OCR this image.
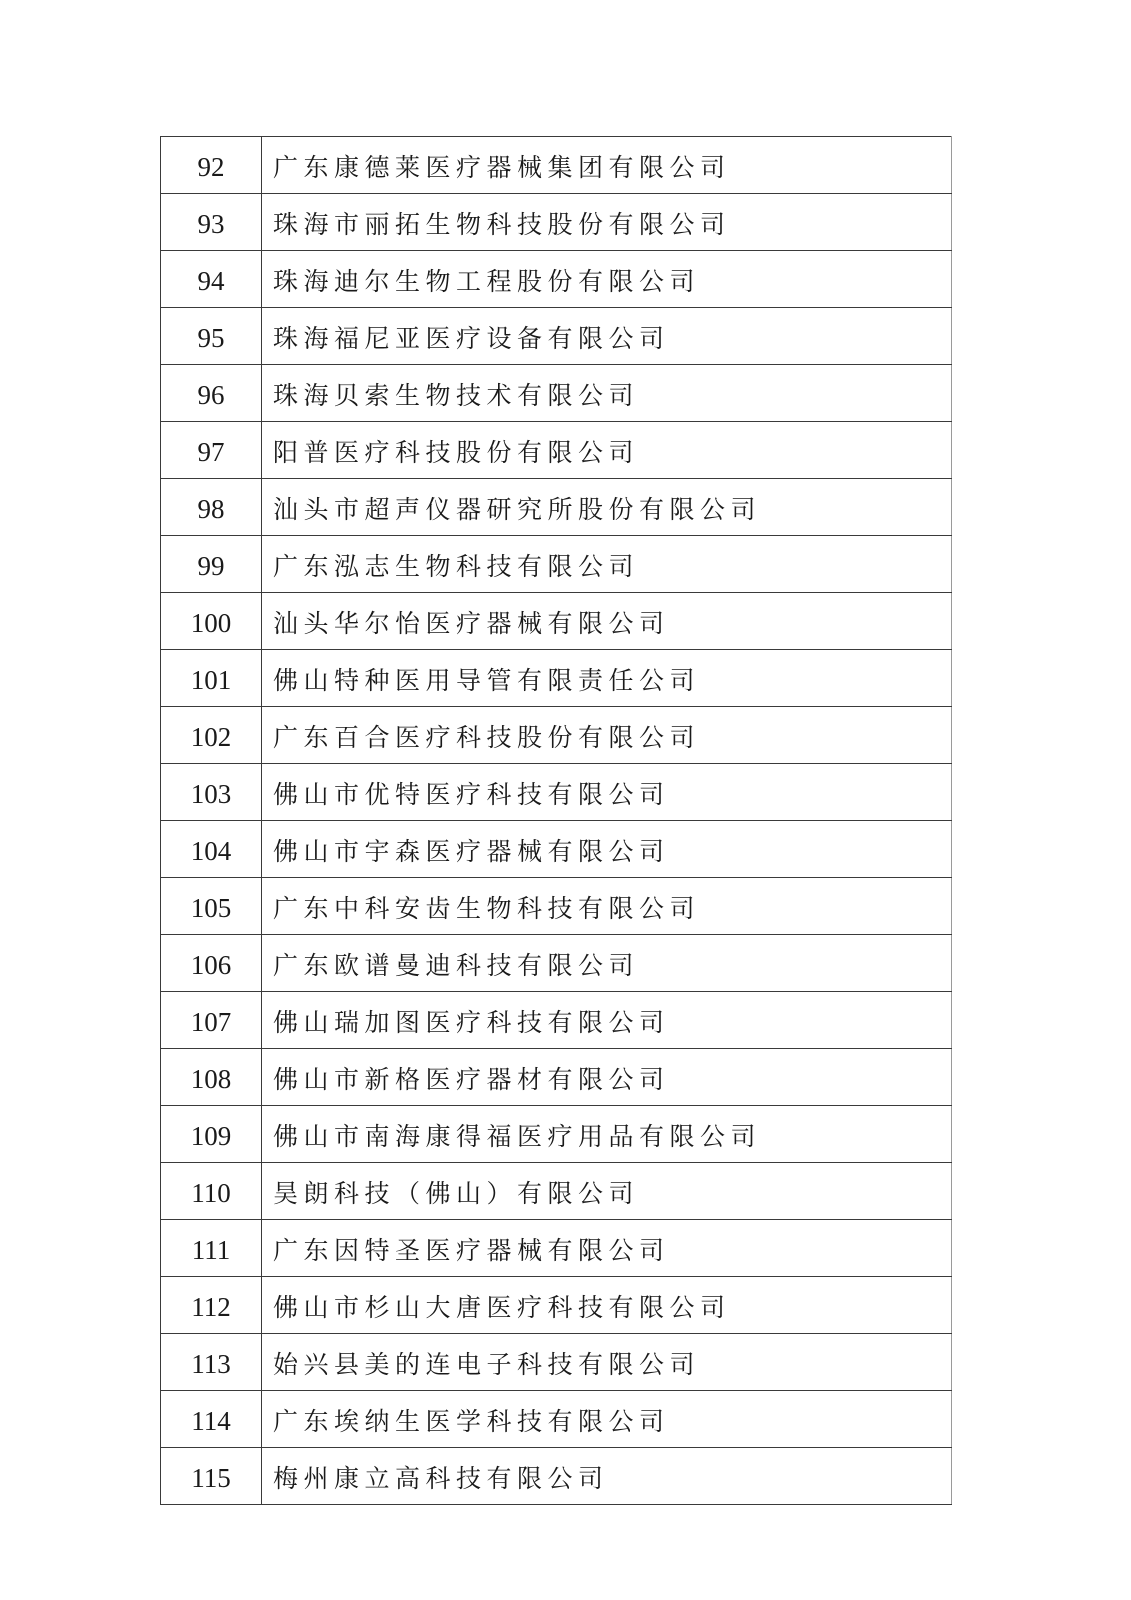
92	广东康德莱医疗器械集团有限公司
93	珠海市丽拓生物科技股份有限公司
94	珠海迪尔生物工程股份有限公司
95	珠海福尼亚医疗设备有限公司
96	珠海贝索生物技术有限公司
97	阳普医疗科技股份有限公司
98	汕头市超声仪器研究所股份有限公司
99	广东泓志生物科技有限公司
100	汕头华尔怡医疗器械有限公司
101	佛山特种医用导管有限责任公司
102	广东百合医疗科技股份有限公司
103	佛山市优特医疗科技有限公司
104	佛山市宇森医疗器械有限公司
105	广东中科安齿生物科技有限公司
106	广东欧谱曼迪科技有限公司
107	佛山瑞加图医疗科技有限公司
108	佛山市新格医疗器材有限公司
109	佛山市南海康得福医疗用品有限公司
110	昊朗科技（佛山）有限公司
111	广东因特圣医疗器械有限公司
112	佛山市杉山大唐医疗科技有限公司
113	始兴县美的连电子科技有限公司
114	广东埃纳生医学科技有限公司
115	梅州康立高科技有限公司
